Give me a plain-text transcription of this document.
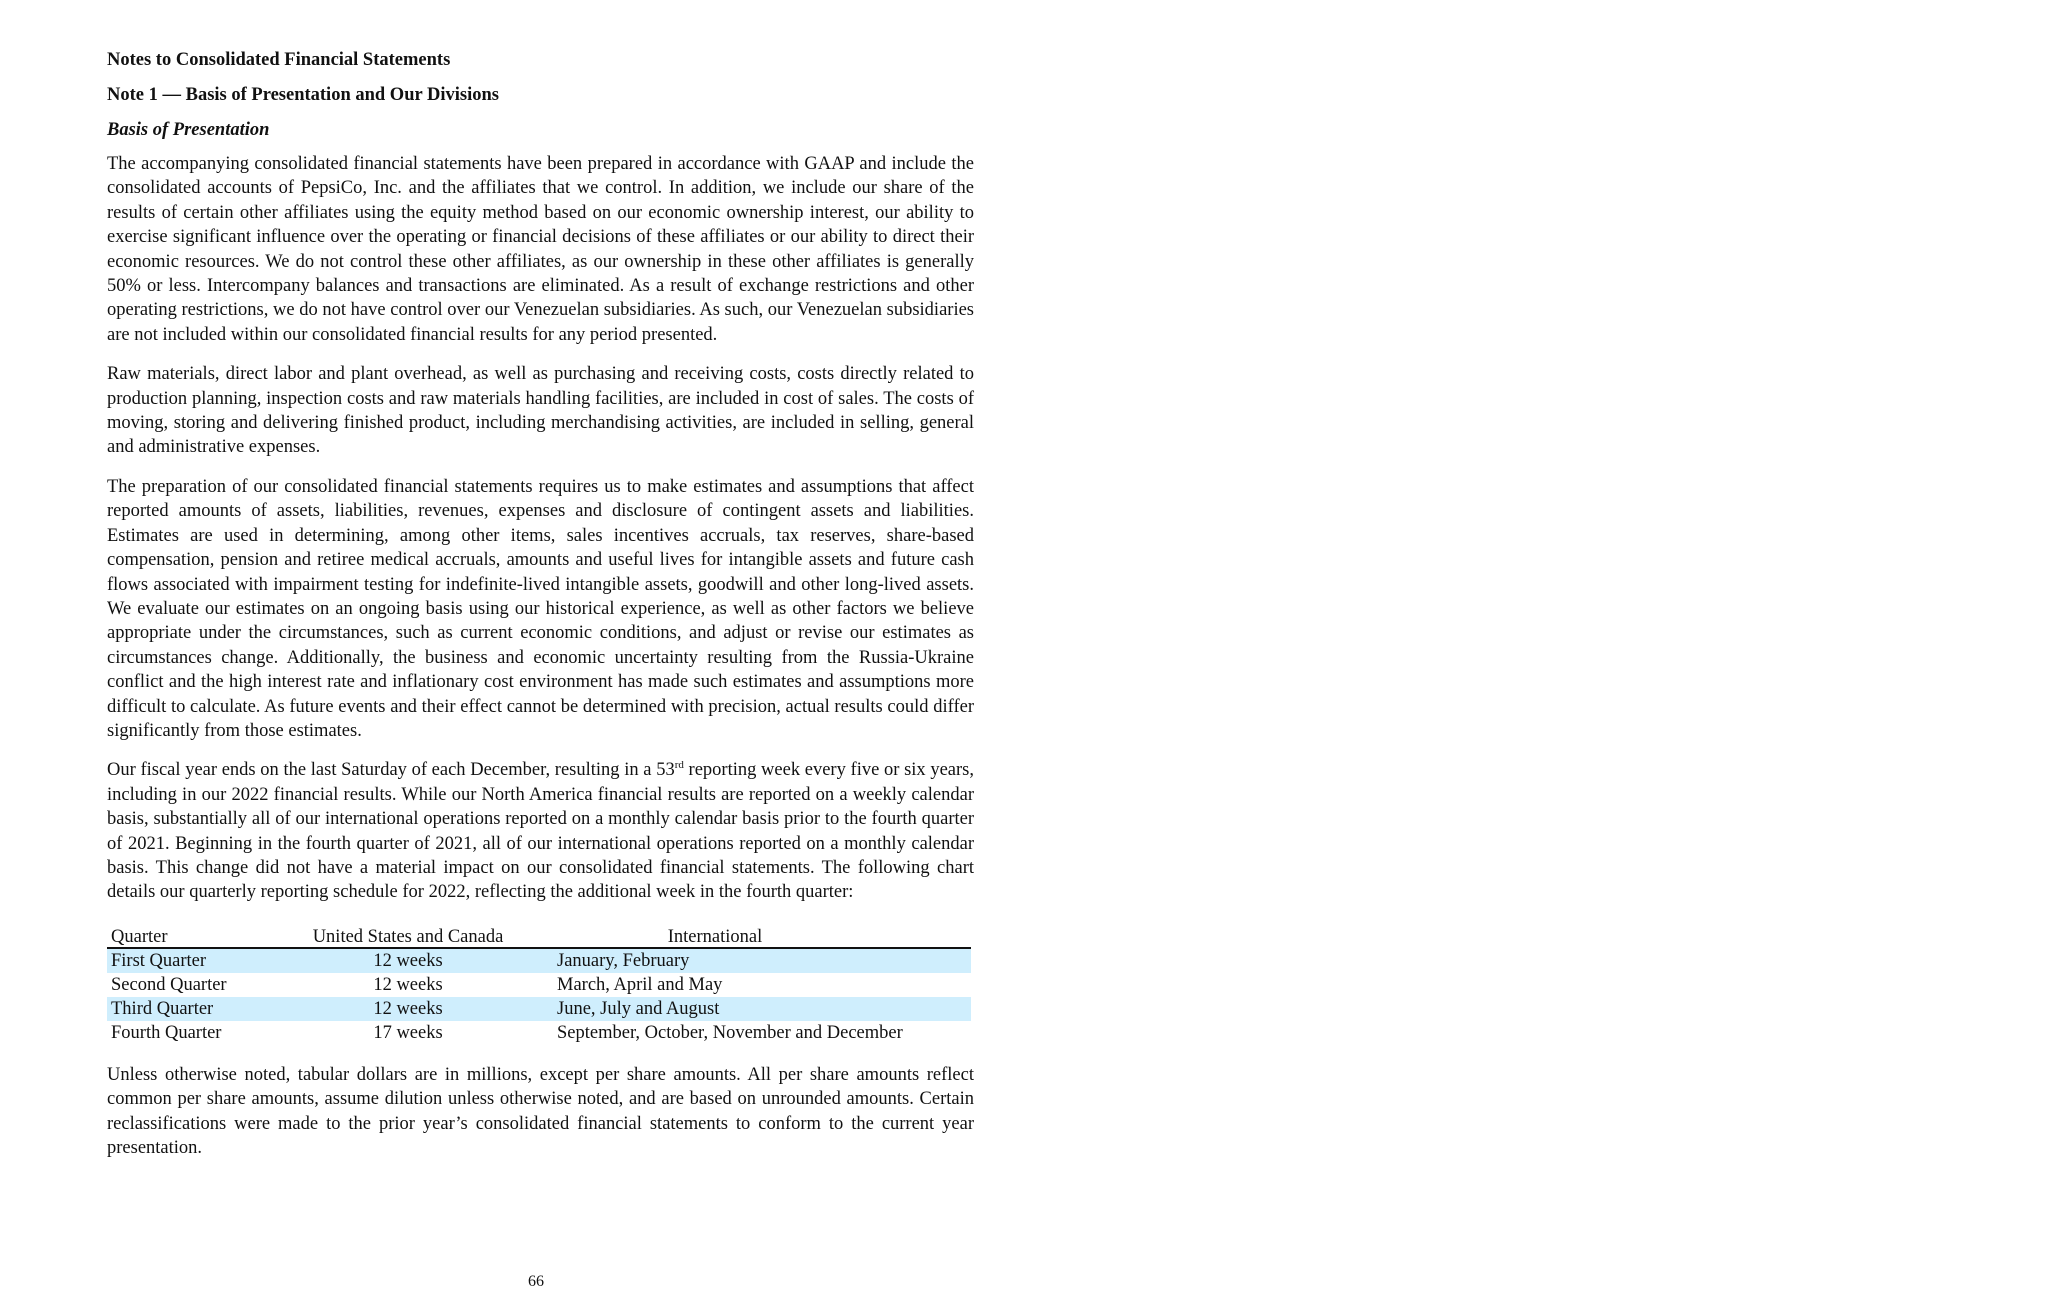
Notes to Consolidated Financial Statements
Note 1 — Basis of Presentation and Our Divisions
Basis of Presentation

The accompanying consolidated financial statements have been prepared in accordance with GAAP and include the consolidated accounts of PepsiCo, Inc. and the affiliates that we control. In addition, we include our share of the results of certain other affiliates using the equity method based on our economic ownership interest, our ability to exercise significant influence over the operating or financial decisions of these affiliates or our ability to direct their economic resources. We do not control these other affiliates, as our ownership in these other affiliates is generally 50% or less. Intercompany balances and transactions are eliminated. As a result of exchange restrictions and other operating restrictions, we do not have control over our Venezuelan subsidiaries. As such, our Venezuelan subsidiaries are not included within our consolidated financial results for any period presented.

Raw materials, direct labor and plant overhead, as well as purchasing and receiving costs, costs directly related to production planning, inspection costs and raw materials handling facilities, are included in cost of sales. The costs of moving, storing and delivering finished product, including merchandising activities, are included in selling, general and administrative expenses.

The preparation of our consolidated financial statements requires us to make estimates and assumptions that affect reported amounts of assets, liabilities, revenues, expenses and disclosure of contingent assets and liabilities. Estimates are used in determining, among other items, sales incentives accruals, tax reserves, share-based compensation, pension and retiree medical accruals, amounts and useful lives for intangible assets and future cash flows associated with impairment testing for indefinite-lived intangible assets, goodwill and other long-lived assets. We evaluate our estimates on an ongoing basis using our historical experience, as well as other factors we believe appropriate under the circumstances, such as current economic conditions, and adjust or revise our estimates as circumstances change. Additionally, the business and economic uncertainty resulting from the Russia-Ukraine conflict and the high interest rate and inflationary cost environment has made such estimates and assumptions more difficult to calculate. As future events and their effect cannot be determined with precision, actual results could differ significantly from those estimates.

Our fiscal year ends on the last Saturday of each December, resulting in a 53rd reporting week every five or six years, including in our 2022 financial results. While our North America financial results are reported on a weekly calendar basis, substantially all of our international operations reported on a monthly calendar basis prior to the fourth quarter of 2021. Beginning in the fourth quarter of 2021, all of our international operations reported on a monthly calendar basis. This change did not have a material impact on our consolidated financial statements. The following chart details our quarterly reporting schedule for 2022, reflecting the additional week in the fourth quarter:

Quarter	United States and Canada	International
First Quarter	12 weeks	January, February
Second Quarter	12 weeks	March, April and May
Third Quarter	12 weeks	June, July and August
Fourth Quarter	17 weeks	September, October, November and December

Unless otherwise noted, tabular dollars are in millions, except per share amounts. All per share amounts reflect common per share amounts, assume dilution unless otherwise noted, and are based on unrounded amounts. Certain reclassifications were made to the prior year’s consolidated financial statements to conform to the current year presentation.

66
